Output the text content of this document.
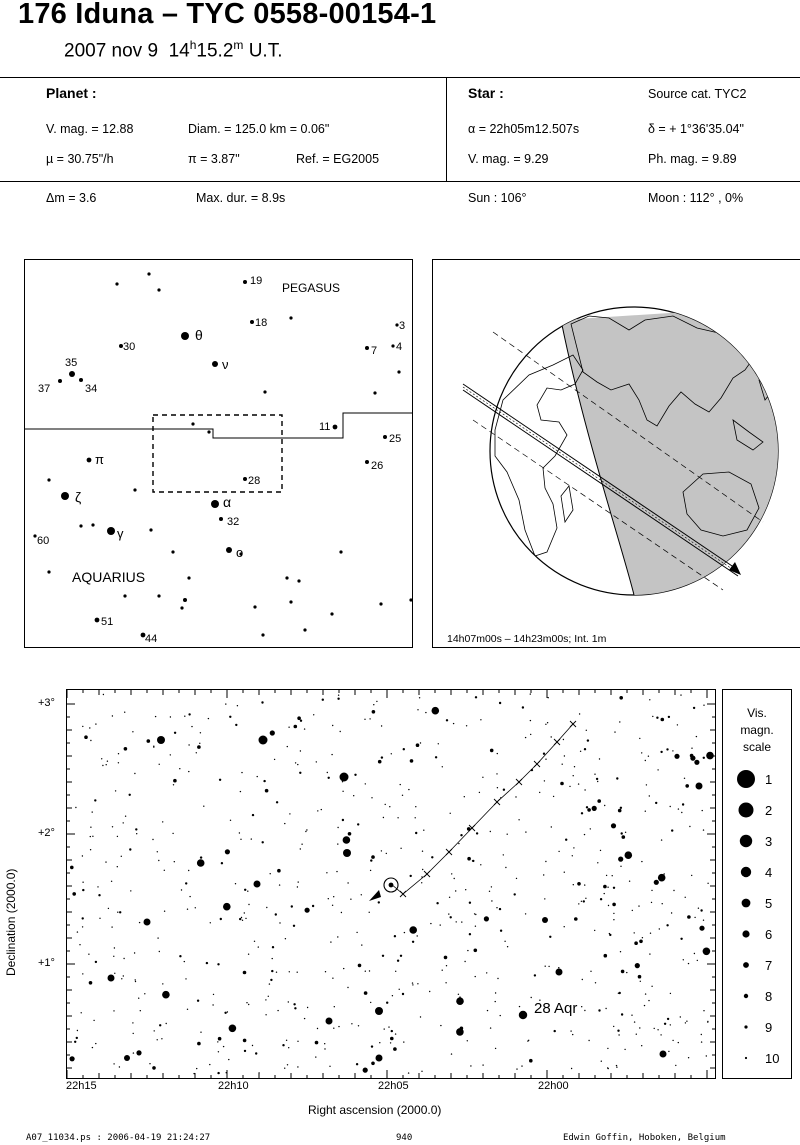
176 Iduna – TYC 0558-00154-1
2007 nov 9 14$^h$15.2$^m$ U.T.
Planet :
V. mag. = 12.88	Diam. = 125.0 km = 0.06"
µ = 30.75"/h	π = 3.87"	Ref. = EG2005
Star :	Source cat. TYC2
α = 22h05m12.507s	δ = + 1°36'35.04"
V. mag. = 9.29	Ph. mag. = 9.89
Δm = 3.6	Max. dur. = 8.9s	Sun : 106°	Moon : 112° , 0%
PEGASUS
AQUARIUS
19
18	3
7 4
30
θ
ν
35
37	34
11
25
26
π
28
ζ	α
32
γ
60
o
51
44	14h07m00s – 14h23m00s; Int. 1m
Declination (2000.0)
28 Aqr
+3°
+2°
+1°
22h15	22h10	22h05	22h00
Right ascension (2000.0)
Vis.
magn.
scale
1
2
3
4
5
6
7
8
9
10
A07_11034.ps : 2006-04-19 21:24:27	940	Edwin Goffin, Hoboken, Belgium
